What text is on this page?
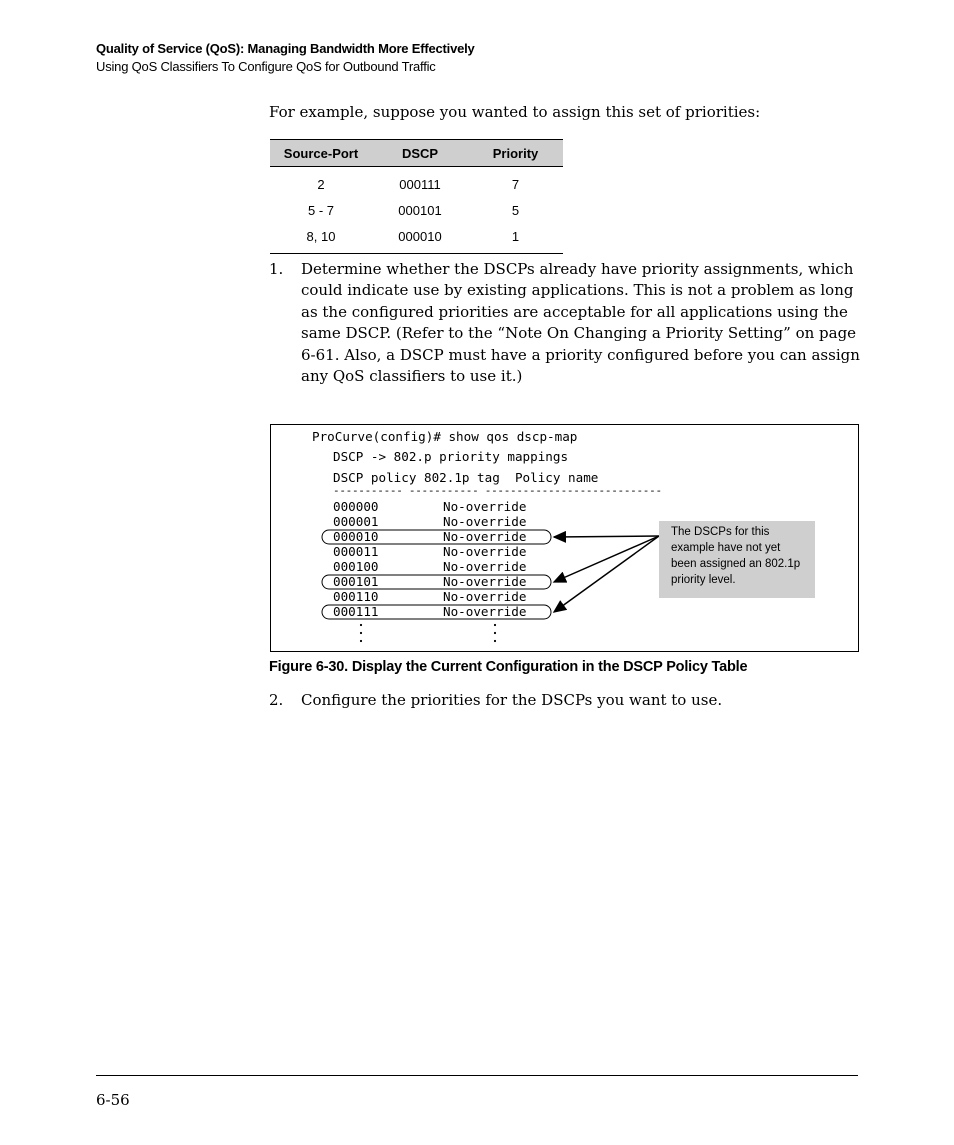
Quality of Service (QoS): Managing Bandwidth More Effectively
Using QoS Classifiers To Configure QoS for Outbound Traffic
For example, suppose you wanted to assign this set of priorities:
Source-Port	DSCP	Priority
2	000111	7
5 - 7	000101	5
8, 10	000010	1
1. Determine whether the DSCPs already have priority assignments, which could indicate use by existing applications. This is not a problem as long as the configured priorities are acceptable for all applications using the same DSCP. (Refer to the “Note On Changing a Priority Setting” on page 6-61. Also, a DSCP must have a priority configured before you can assign any QoS classifiers to use it.)
ProCurve(config)# show qos dscp-map
DSCP -> 802.p priority mappings
DSCP policy 802.1p tag  Policy name
----------- ----------- ----------------------------
000000	No-override
000001	No-override
000010	No-override
000011	No-override
000100	No-override
000101	No-override
000110	No-override
000111	No-override
The DSCPs for this example have not yet been assigned an 802.1p priority level.
Figure 6-30. Display the Current Configuration in the DSCP Policy Table
2. Configure the priorities for the DSCPs you want to use.
6-56
